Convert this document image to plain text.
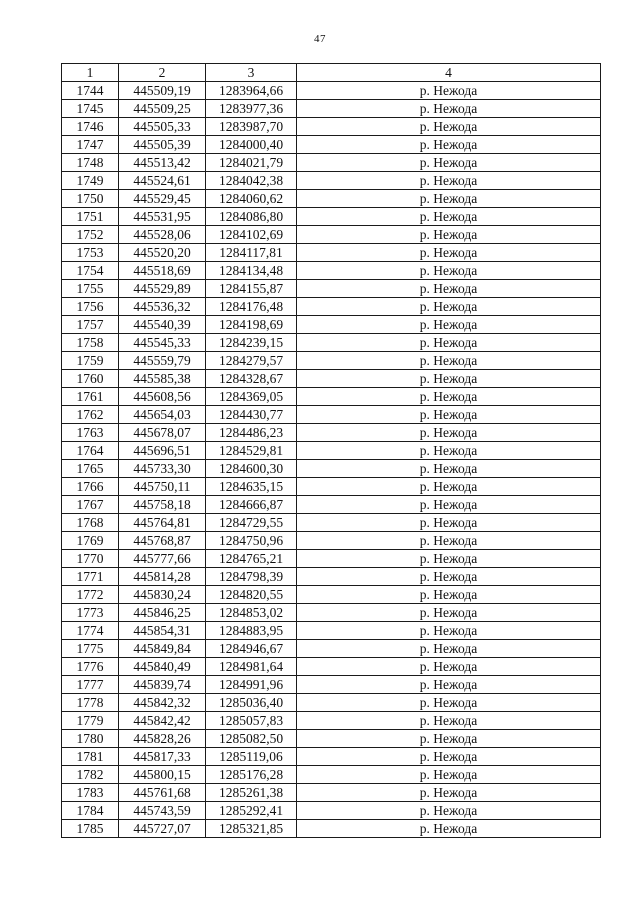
47
1	2	3	4
1744	445509,19	1283964,66	р. Нежода
1745	445509,25	1283977,36	р. Нежода
1746	445505,33	1283987,70	р. Нежода
1747	445505,39	1284000,40	р. Нежода
1748	445513,42	1284021,79	р. Нежода
1749	445524,61	1284042,38	р. Нежода
1750	445529,45	1284060,62	р. Нежода
1751	445531,95	1284086,80	р. Нежода
1752	445528,06	1284102,69	р. Нежода
1753	445520,20	1284117,81	р. Нежода
1754	445518,69	1284134,48	р. Нежода
1755	445529,89	1284155,87	р. Нежода
1756	445536,32	1284176,48	р. Нежода
1757	445540,39	1284198,69	р. Нежода
1758	445545,33	1284239,15	р. Нежода
1759	445559,79	1284279,57	р. Нежода
1760	445585,38	1284328,67	р. Нежода
1761	445608,56	1284369,05	р. Нежода
1762	445654,03	1284430,77	р. Нежода
1763	445678,07	1284486,23	р. Нежода
1764	445696,51	1284529,81	р. Нежода
1765	445733,30	1284600,30	р. Нежода
1766	445750,11	1284635,15	р. Нежода
1767	445758,18	1284666,87	р. Нежода
1768	445764,81	1284729,55	р. Нежода
1769	445768,87	1284750,96	р. Нежода
1770	445777,66	1284765,21	р. Нежода
1771	445814,28	1284798,39	р. Нежода
1772	445830,24	1284820,55	р. Нежода
1773	445846,25	1284853,02	р. Нежода
1774	445854,31	1284883,95	р. Нежода
1775	445849,84	1284946,67	р. Нежода
1776	445840,49	1284981,64	р. Нежода
1777	445839,74	1284991,96	р. Нежода
1778	445842,32	1285036,40	р. Нежода
1779	445842,42	1285057,83	р. Нежода
1780	445828,26	1285082,50	р. Нежода
1781	445817,33	1285119,06	р. Нежода
1782	445800,15	1285176,28	р. Нежода
1783	445761,68	1285261,38	р. Нежода
1784	445743,59	1285292,41	р. Нежода
1785	445727,07	1285321,85	р. Нежода
